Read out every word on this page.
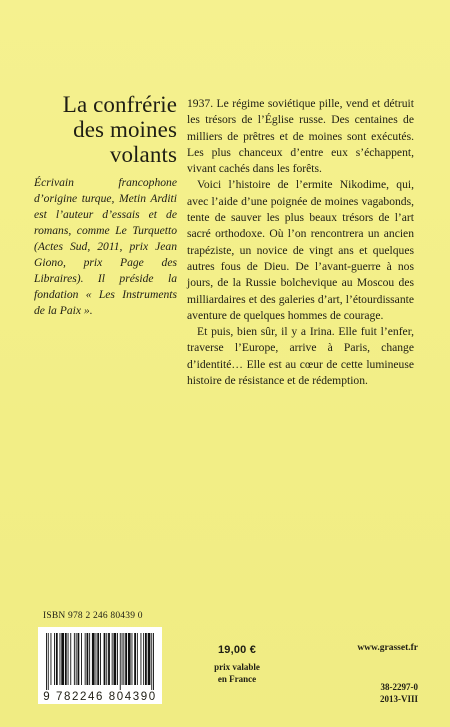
La confrérie
des moines
volants
Écrivain francophone d’origine turque, Metin Arditi est l’auteur d’essais et de romans, comme Le Turquetto (Actes Sud, 2011, prix Jean Giono, prix Page des Libraires). Il préside la fondation « Les Instruments de la Paix ».

1937. Le régime soviétique pille, vend et détruit les trésors de l’Église russe. Des centaines de milliers de prêtres et de moines sont exécutés. Les plus chanceux d’entre eux s’échappent, vivant cachés dans les forêts.

Voici l’histoire de l’ermite Nikodime, qui, avec l’aide d’une poignée de moines vagabonds, tente de sauver les plus beaux trésors de l’art sacré orthodoxe. Où l’on rencontrera un ancien trapéziste, un novice de vingt ans et quelques autres fous de Dieu. De l’avant-guerre à nos jours, de la Russie bolchevique au Moscou des milliardaires et des galeries d’art, l’étourdissante aventure de quelques hommes de courage.

Et puis, bien sûr, il y a Irina. Elle fuit l’enfer, traverse l’Europe, arrive à Paris, change d’identité… Elle est au cœur de cette lumineuse histoire de résistance et de rédemption.

ISBN 978 2 246 80439 0
9 782246 804390
19,00 €
prix valable
en France
www.grasset.fr
38-2297-0
2013-VIII
